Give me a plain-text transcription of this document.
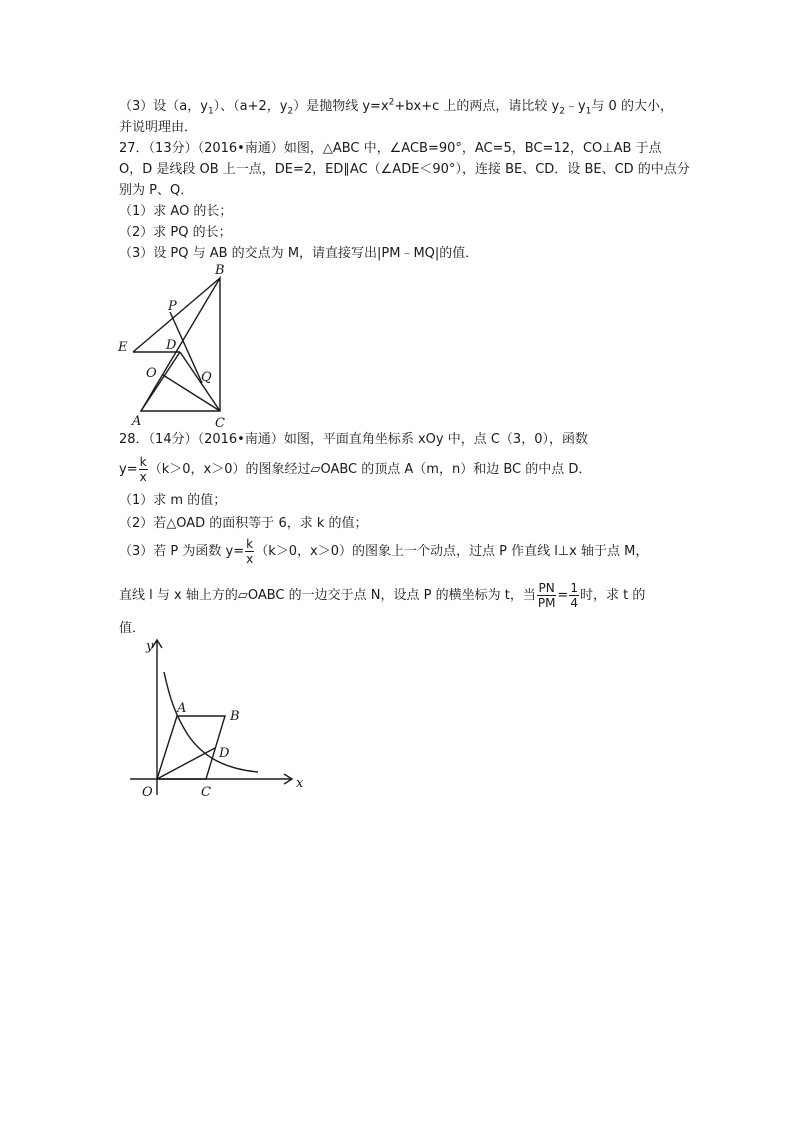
（3）设（a，$y_1$）、（a+2，$y_2$）是抛物线 $y=x^2+bx+c$ 上的两点，请比较 $y_2﹣y_1$与 0 的大小，
并说明理由．
27．（13分）（2016•南通）如图，△ABC 中，∠ACB=90°，AC=5，BC=12，CO⊥AB 于点
O，D 是线段 OB 上一点，DE=2，ED∥AC（∠ADE＜90°），连接 BE、CD．设 BE、CD 的中点分
别为 P、Q．
（1）求 AO 的长；
（2）求 PQ 的长；
（3）设 PQ 与 AB 的交点为 M，请直接写出|PM﹣MQ|的值．
A
B
C
D
E
O
P
Q
28．（14分）（2016•南通）如图，平面直角坐标系 xOy 中，点 C（3，0），函数
$y= \frac{k}{x} (k>0$，x＞0）的图象经过▱OABC 的顶点 A（m，n）和边 BC 的中点 D．
（1）求 m 的值；
（2）若△OAD 的面积等于 6，求 k 的值；
（3）若 P 为函数 $y= \frac{k}{x} (k>0$，x＞0）的图象上一个动点，过点 P 作直线 l⊥x 轴于点 M，
直线 l 与 x 轴上方的▱OABC 的一边交于点 N，设点 P 的横坐标为 t，当 $\frac{PN}{PM} = \frac{1}{4}$ 时，求 t 的
值．
y
x
O
A
B
C
D
